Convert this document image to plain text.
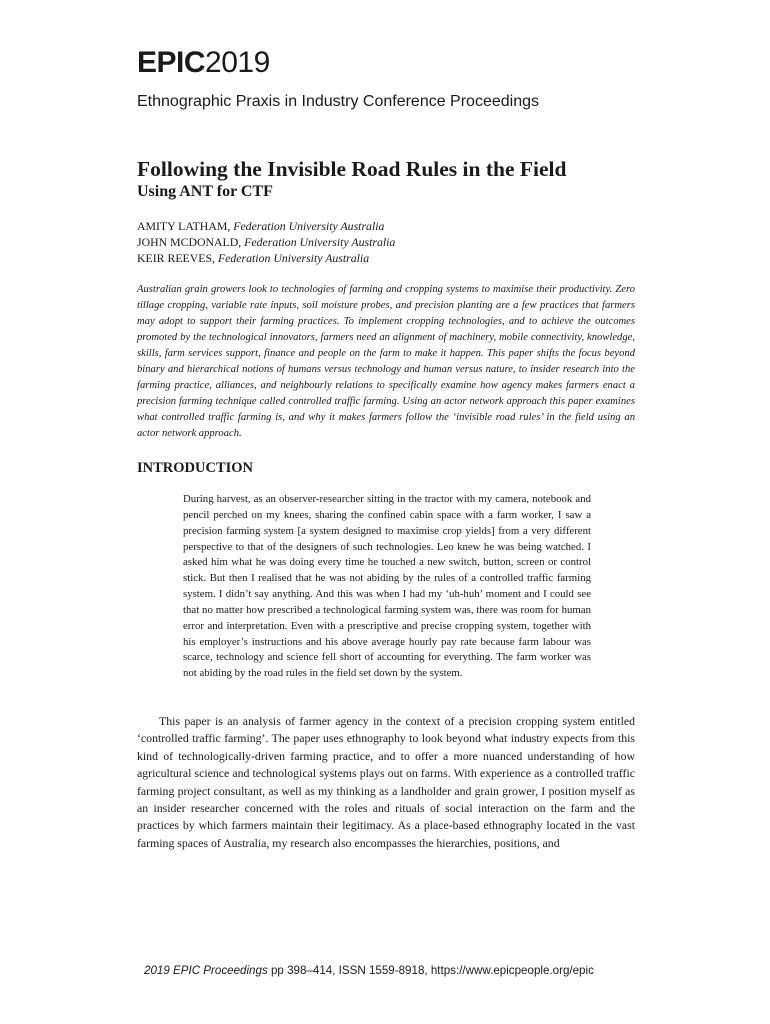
EPIC2019

Ethnographic Praxis in Industry Conference Proceedings

Following the Invisible Road Rules in the Field
Using ANT for CTF
AMITY LATHAM, Federation University Australia
JOHN MCDONALD, Federation University Australia
KEIR REEVES, Federation University Australia

Australian grain growers look to technologies of farming and cropping systems to maximise their productivity. Zero tillage cropping, variable rate inputs, soil moisture probes, and precision planting are a few practices that farmers may adopt to support their farming practices. To implement cropping technologies, and to achieve the outcomes promoted by the technological innovators, farmers need an alignment of machinery, mobile connectivity, knowledge, skills, farm services support, finance and people on the farm to make it happen. This paper shifts the focus beyond binary and hierarchical notions of humans versus technology and human versus nature, to insider research into the farming practice, alliances, and neighbourly relations to specifically examine how agency makes farmers enact a precision farming technique called controlled traffic farming. Using an actor network approach this paper examines what controlled traffic farming is, and why it makes farmers follow the ‘invisible road rules’ in the field using an actor network approach.

INTRODUCTION
During harvest, as an observer-researcher sitting in the tractor with my camera, notebook and pencil perched on my knees, sharing the confined cabin space with a farm worker, I saw a precision farming system [a system designed to maximise crop yields] from a very different perspective to that of the designers of such technologies. Leo knew he was being watched. I asked him what he was doing every time he touched a new switch, button, screen or control stick. But then I realised that he was not abiding by the rules of a controlled traffic farming system. I didn’t say anything. And this was when I had my ‘uh-huh’ moment and I could see that no matter how prescribed a technological farming system was, there was room for human error and interpretation. Even with a prescriptive and precise cropping system, together with his employer’s instructions and his above average hourly pay rate because farm labour was scarce, technology and science fell short of accounting for everything. The farm worker was not abiding by the road rules in the field set down by the system.

This paper is an analysis of farmer agency in the context of a precision cropping system entitled ‘controlled traffic farming’. The paper uses ethnography to look beyond what industry expects from this kind of technologically-driven farming practice, and to offer a more nuanced understanding of how agricultural science and technological systems plays out on farms. With experience as a controlled traffic farming project consultant, as well as my thinking as a landholder and grain grower, I position myself as an insider researcher concerned with the roles and rituals of social interaction on the farm and the practices by which farmers maintain their legitimacy. As a place-based ethnography located in the vast farming spaces of Australia, my research also encompasses the hierarchies, positions, and

2019 EPIC Proceedings pp 398–414, ISSN 1559-8918, https://www.epicpeople.org/epic
